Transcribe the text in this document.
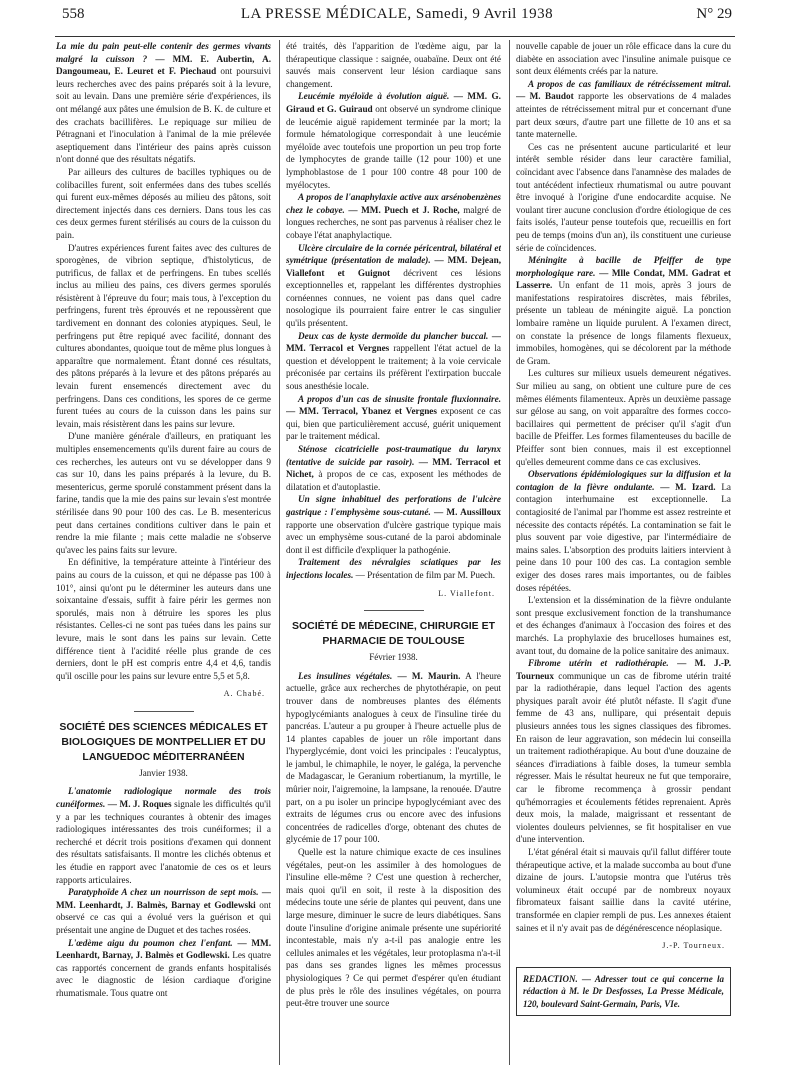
558	LA PRESSE MÉDICALE, Samedi, 9 Avril 1938	N° 29

La mie du pain peut-elle contenir des germes vivants malgré la cuisson ? — MM. E. Aubertin, A. Dangoumeau, E. Leuret et F. Piechaud ont poursuivi leurs recherches avec des pains préparés soit à la levure, soit au levain. Dans une première série d'expériences, ils ont mélangé aux pâtes une émulsion de B. K. de culture et des crachats bacillifères. Le repiquage sur milieu de Pétragnani et l'inoculation à l'animal de la mie prélevée aseptiquement dans l'intérieur des pains après cuisson n'ont donné que des résultats négatifs.

Par ailleurs des cultures de bacilles typhiques ou de colibacilles furent, soit enfermées dans des tubes scellés qui furent eux-mêmes déposés au milieu des pâtons, soit directement injectés dans ces derniers. Dans tous les cas ces deux germes furent stérilisés au cours de la cuisson du pain.

D'autres expériences furent faites avec des cultures de sporogènes, de vibrion septique, d'histolyticus, de putrificus, de fallax et de perfringens. En tubes scellés inclus au milieu des pains, ces divers germes sporulés résistèrent à l'épreuve du four; mais tous, à l'exception du perfringens, furent très éprouvés et ne repoussèrent que tardivement en donnant des colonies atypiques. Seul, le perfringens put être repiqué avec facilité, donnant des cultures abondantes, quoique tout de même plus longues à apparaître que normalement. Étant donné ces résultats, des pâtons préparés à la levure et des pâtons préparés au levain furent ensemencés directement avec du perfringens. Dans ces conditions, les spores de ce germe furent tuées au cours de la cuisson dans les pains sur levain, mais résistèrent dans les pains sur levure.

D'une manière générale d'ailleurs, en pratiquant les multiples ensemencements qu'ils durent faire au cours de ces recherches, les auteurs ont vu se développer dans 9 cas sur 10, dans les pains préparés à la levure, du B. mesentericus, germe sporulé constamment présent dans la farine, tandis que la mie des pains sur levain s'est montrée stérilisée dans 90 pour 100 des cas. Le B. mesentericus peut dans certaines conditions cultiver dans le pain et rendre la mie filante ; mais cette maladie ne s'observe qu'avec les pains faits sur levure.

En définitive, la température atteinte à l'intérieur des pains au cours de la cuisson, et qui ne dépasse pas 100 à 101°, ainsi qu'ont pu le déterminer les auteurs dans une soixantaine d'essais, suffit à faire périr les germes non sporulés, mais non à détruire les spores les plus résistantes. Celles-ci ne sont pas tuées dans les pains sur levure, mais le sont dans les pains sur levain. Cette différence tient à l'acidité réelle plus grande de ces derniers, dont le pH est compris entre 4,4 et 4,6, tandis qu'il oscille pour les pains sur levure entre 5,5 et 5,8.

A. Chabé.
SOCIÉTÉ DES SCIENCES MÉDICALES ET BIOLOGIQUES DE MONTPELLIER ET DU LANGUEDOC MÉDITERRANÉEN
Janvier 1938.

L'anatomie radiologique normale des trois cunéiformes. — M. J. Roques signale les difficultés qu'il y a par les techniques courantes à obtenir des images radiologiques intéressantes des trois cunéiformes; il a recherché et décrit trois positions d'examen qui donnent des résultats satisfaisants. Il montre les clichés obtenus et les étudie en rapport avec l'anatomie de ces os et leurs rapports articulaires.

Paratyphoïde A chez un nourrisson de sept mois. — MM. Leenhardt, J. Balmès, Barnay et Godlewski ont observé ce cas qui a évolué vers la guérison et qui présentait une angine de Duguet et des taches rosées.

L'œdème aigu du poumon chez l'enfant. — MM. Leenhardt, Barnay, J. Balmès et Godlewski. Les quatre cas rapportés concernent de grands enfants hospitalisés avec le diagnostic de lésion cardiaque d'origine rhumatismale. Tous quatre ont

été traités, dès l'apparition de l'œdème aigu, par la thérapeutique classique : saignée, ouabaïne. Deux ont été sauvés mais conservent leur lésion cardiaque sans changement.

Leucémie myéloïde à évolution aiguë. — MM. G. Giraud et G. Guiraud ont observé un syndrome clinique de leucémie aiguë rapidement terminée par la mort; la formule hématologique correspondait à une leucémie myéloïde avec toutefois une proportion un peu trop forte de lymphocytes de grande taille (12 pour 100) et une lymphoblastose de 1 pour 100 contre 48 pour 100 de myélocytes.

A propos de l'anaphylaxie active aux arsénobenzènes chez le cobaye. — MM. Puech et J. Roche, malgré de longues recherches, ne sont pas parvenus à réaliser chez le cobaye l'état anaphylactique.

Ulcère circulaire de la cornée péricentral, bilatéral et symétrique (présentation de malade). — MM. Dejean, Viallefont et Guignot décrivent ces lésions exceptionnelles et, rappelant les différentes dystrophies cornéennes connues, ne voient pas dans quel cadre nosologique ils pourraient faire entrer le cas singulier qu'ils présentent.

Deux cas de kyste dermoïde du plancher buccal. — MM. Terracol et Vergnes rappellent l'état actuel de la question et développent le traitement; à la voie cervicale préconisée par certains ils préfèrent l'extirpation buccale sous anesthésie locale.

A propos d'un cas de sinusite frontale fluxionnaire. — MM. Terracol, Ybanez et Vergnes exposent ce cas qui, bien que particulièrement accusé, guérit uniquement par le traitement médical.

Sténose cicatricielle post-traumatique du larynx (tentative de suicide par rasoir). — MM. Terracol et Nichet, à propos de ce cas, exposent les méthodes de dilatation et d'autoplastie.

Un signe inhabituel des perforations de l'ulcère gastrique : l'emphysème sous-cutané. — M. Aussilloux rapporte une observation d'ulcère gastrique typique mais avec un emphysème sous-cutané de la paroi abdominale dont il est difficile d'expliquer la pathogénie.

Traitement des névralgies sciatiques par les injections locales. — Présentation de film par M. Puech.

L. Viallefont.
SOCIÉTÉ DE MÉDECINE, CHIRURGIE ET PHARMACIE DE TOULOUSE
Février 1938.

Les insulines végétales. — M. Maurin. A l'heure actuelle, grâce aux recherches de phytothérapie, on peut trouver dans de nombreuses plantes des éléments hypoglycémiants analogues à ceux de l'insuline tirée du pancréas. L'auteur a pu grouper à l'heure actuelle plus de 14 plantes capables de jouer un rôle important dans l'hyperglycémie, dont voici les principales : l'eucalyptus, le jambul, le chimaphile, le noyer, le galéga, la pervenche de Madagascar, le Geranium robertianum, la myrtille, le mûrier noir, l'aigremoine, la lampsane, la renouée. D'autre part, on a pu isoler un principe hypoglycémiant avec des extraits de légumes crus ou encore avec des infusions concentrées de radicelles d'orge, obtenant des chutes de glycémie de 17 pour 100.

Quelle est la nature chimique exacte de ces insulines végétales, peut-on les assimiler à des homologues de l'insuline elle-même ? C'est une question à rechercher, mais quoi qu'il en soit, il reste à la disposition des médecins toute une série de plantes qui peuvent, dans une large mesure, diminuer le sucre de leurs diabétiques. Sans doute l'insuline d'origine animale présente une supériorité incontestable, mais n'y a-t-il pas analogie entre les cellules animales et les végétales, leur protoplasma n'a-t-il pas dans ses grandes lignes les mêmes processus physiologiques ? Ce qui permet d'espérer qu'en étudiant de plus près le rôle des insulines végétales, on pourra peut-être trouver une source

nouvelle capable de jouer un rôle efficace dans la cure du diabète en association avec l'insuline animale puisque ce sont deux éléments créés par la nature.

A propos de cas familiaux de rétrécissement mitral. — M. Baudot rapporte les observations de 4 malades atteintes de rétrécissement mitral pur et concernant d'une part deux sœurs, d'autre part une fillette de 10 ans et sa tante maternelle.

Ces cas ne présentent aucune particularité et leur intérêt semble résider dans leur caractère familial, coïncidant avec l'absence dans l'anamnèse des malades de tout antécédent infectieux rhumatismal ou autre pouvant être invoqué à l'origine d'une endocardite acquise. Ne voulant tirer aucune conclusion d'ordre étiologique de ces faits isolés, l'auteur pense toutefois que, recueillis en fort peu de temps (moins d'un an), ils constituent une curieuse série de coïncidences.

Méningite à bacille de Pfeiffer de type morphologique rare. — Mlle Condat, MM. Gadrat et Lasserre. Un enfant de 11 mois, après 3 jours de manifestations respiratoires discrètes, mais fébriles, présente un tableau de méningite aiguë. La ponction lombaire ramène un liquide purulent. A l'examen direct, on constate la présence de longs filaments flexueux, immobiles, homogènes, qui se décolorent par la méthode de Gram.

Les cultures sur milieux usuels demeurent négatives. Sur milieu au sang, on obtient une culture pure de ces mêmes éléments filamenteux. Après un deuxième passage sur gélose au sang, on voit apparaître des formes cocco-bacillaires qui permettent de préciser qu'il s'agit d'un bacille de Pfeiffer. Les formes filamenteuses du bacille de Pfeiffer sont bien connues, mais il est exceptionnel qu'elles demeurent comme dans ce cas exclusives.

Observations épidémiologiques sur la diffusion et la contagion de la fièvre ondulante. — M. Izard. La contagion interhumaine est exceptionnelle. La contagiosité de l'animal par l'homme est assez restreinte et nécessite des contacts répétés. La contamination se fait le plus souvent par voie digestive, par l'intermédiaire de mains sales. L'absorption des produits laitiers intervient à peine dans 10 pour 100 des cas. La contagion semble exiger des doses rares mais importantes, ou de faibles doses répétées.

L'extension et la dissémination de la fièvre ondulante sont presque exclusivement fonction de la transhumance et des échanges d'animaux à l'occasion des foires et des marchés. La prophylaxie des brucelloses humaines est, avant tout, du domaine de la police sanitaire des animaux.

Fibrome utérin et radiothérapie. — M. J.-P. Tourneux communique un cas de fibrome utérin traité par la radiothérapie, dans lequel l'action des agents physiques paraît avoir été plutôt néfaste. Il s'agit d'une femme de 43 ans, nullipare, qui présentait depuis plusieurs années tous les signes classiques des fibromes. En raison de leur aggravation, son médecin lui conseilla un traitement radiothérapique. Au bout d'une douzaine de séances d'irradiations à faible doses, la tumeur sembla régresser. Mais le résultat heureux ne fut que temporaire, car le fibrome recommença à grossir pendant qu'hémorragies et écoulements fétides reprenaient. Après deux mois, la malade, maigrissant et ressentant de violentes douleurs pelviennes, se fit hospitaliser en vue d'une intervention.

L'état général était si mauvais qu'il fallut différer toute thérapeutique active, et la malade succomba au bout d'une dizaine de jours. L'autopsie montra que l'utérus très volumineux était occupé par de nombreux noyaux fibromateux faisant saillie dans la cavité utérine, transformée en clapier rempli de pus. Les annexes étaient saines et il n'y avait pas de dégénérescence néoplasique.

J.-P. Tourneux.
REDACTION. — Adresser tout ce qui concerne la rédaction à M. le Dr Desfosses, La Presse Médicale, 120, boulevard Saint-Germain, Paris, VIe.
